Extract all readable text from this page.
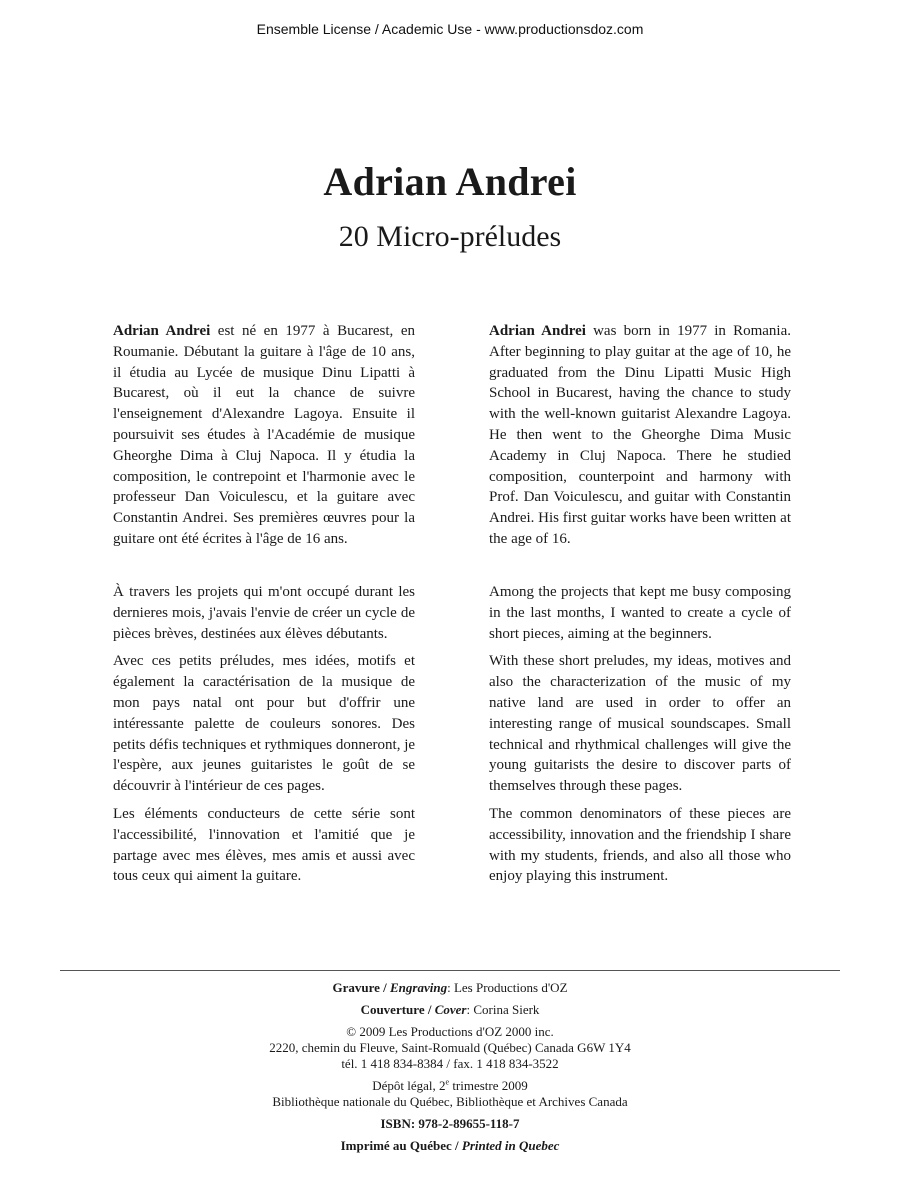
Ensemble License / Academic Use - www.productionsdoz.com
Adrian Andrei
20 Micro-préludes

Adrian Andrei est né en 1977 à Bucarest, en Roumanie. Débutant la guitare à l'âge de 10 ans, il étudia au Lycée de musique Dinu Lipatti à Bucarest, où il eut la chance de suivre l'enseignement d'Alexandre Lagoya. Ensuite il poursuivit ses études à l'Académie de musique Gheorghe Dima à Cluj Napoca. Il y étudia la composition, le contrepoint et l'harmonie avec le professeur Dan Voiculescu, et la guitare avec Constantin Andrei. Ses premières œuvres pour la guitare ont été écrites à l'âge de 16 ans.

À travers les projets qui m'ont occupé durant les dernieres mois, j'avais l'envie de créer un cycle de pièces brèves, destinées aux élèves débutants.

Avec ces petits préludes, mes idées, motifs et également la caractérisation de la musique de mon pays natal ont pour but d'offrir une intéressante palette de couleurs sonores. Des petits défis techniques et rythmiques donneront, je l'espère, aux jeunes guitaristes le goût de se découvrir à l'intérieur de ces pages.

Les éléments conducteurs de cette série sont l'accessibilité, l'innovation et l'amitié que je partage avec mes élèves, mes amis et aussi avec tous ceux qui aiment la guitare.

Adrian Andrei was born in 1977 in Romania. After beginning to play guitar at the age of 10, he graduated from the Dinu Lipatti Music High School in Bucarest, having the chance to study with the well-known guitarist Alexandre Lagoya. He then went to the Gheorghe Dima Music Academy in Cluj Napoca. There he studied composition, counterpoint and harmony with Prof. Dan Voiculescu, and guitar with Constantin Andrei. His first guitar works have been written at the age of 16.

Among the projects that kept me busy composing in the last months, I wanted to create a cycle of short pieces, aiming at the beginners.

With these short preludes, my ideas, motives and also the characterization of the music of my native land are used in order to offer an interesting range of musical soundscapes. Small technical and rhythmical challenges will give the young guitarists the desire to discover parts of themselves through these pages.

The common denominators of these pieces are accessibility, innovation and the friendship I share with my students, friends, and also all those who enjoy playing this instrument.

Gravure / Engraving: Les Productions d'OZ
Couverture / Cover: Corina Sierk
© 2009 Les Productions d'OZ 2000 inc.
2220, chemin du Fleuve, Saint-Romuald (Québec) Canada G6W 1Y4
tél. 1 418 834-8384 / fax. 1 418 834-3522
Dépôt légal, 2e trimestre 2009
Bibliothèque nationale du Québec, Bibliothèque et Archives Canada
ISBN: 978-2-89655-118-7
Imprimé au Québec / Printed in Quebec
